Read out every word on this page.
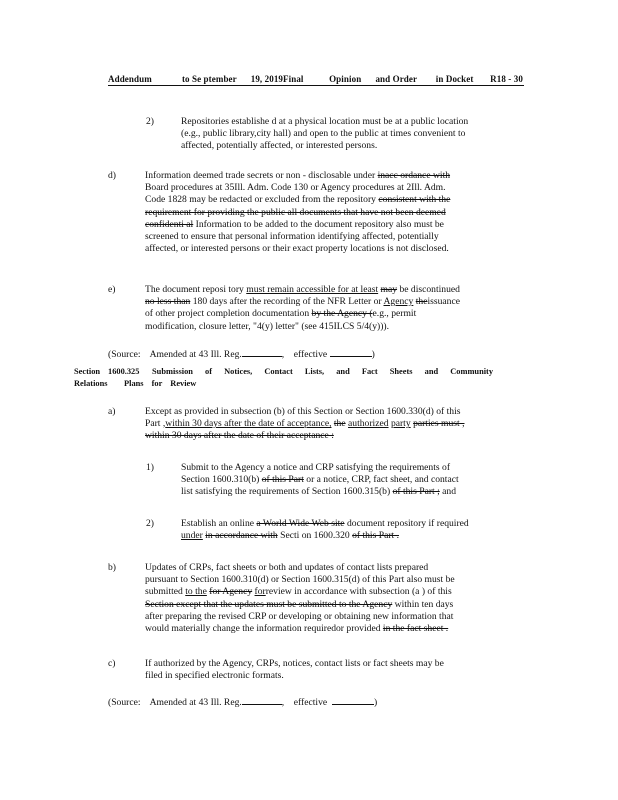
Addendum	to Se ptember 19, 2019Final	Opinion and Order in Docket R18 - 30
2)	Repositories establishe d at a physical location must be at a public location
(e.g., public library,city hall) and open to the public at times convenient to
affected, potentially affected, or interested persons.
d)	Information deemed trade secrets or non - disclosable under inacc ordance with
Board procedures at 35Ill. Adm. Code 130 or Agency procedures at 2Ill. Adm.
Code 1828 may be redacted or excluded from the repository consistent with the
requirement for providing the public all documents that have not been deemed
confidenti al Information to be added to the document repository also must be
screened to ensure that personal information identifying affected, potentially
affected, or interested persons or their exact property locations is not disclosed.
e)	The document reposi tory must remain accessible for at least may be discontinued
no less than 180 days after the recording of the NFR Letter or Agency theissuance
of other project completion documentation by the Agency (e.g., permit
modification, closure letter, "4(y) letter" (see 415ILCS 5/4(y))).
(Source: Amended at 43 Ill. Reg.	,    effective	)
Section 1600.325 Submission of Notices, Contact Lists, and Fact Sheets and Community
Relations Plans for Review
a)	Except as provided in subsection (b) of this Section or Section 1600.330(d) of this
Part ,within 30 days after the date of acceptance, the authorized party parties must ,
within 30 days after the date of their acceptance :
1)	Submit to the Agency a notice and CRP satisfying the requirements of
Section 1600.310(b) of this Part or a notice, CRP, fact sheet, and contact
list satisfying the requirements of Section 1600.315(b) of this Part ; and
2)	Establish an online a World Wide Web site document repository if required
under in accordance with Secti on 1600.320 of this Part .
b)	Updates of CRPs, fact sheets or both and updates of contact lists prepared
pursuant to Section 1600.310(d) or Section 1600.315(d) of this Part also must be
submitted to the for Agency forreview in accordance with subsection (a ) of this
Section except that the updates must be submitted to the Agency within ten days
after preparing the revised CRP or developing or obtaining new information that
would materially change the information requiredor provided in the fact sheet .
c)	If authorized by the Agency, CRPs, notices, contact lists or fact sheets may be
filed in specified electronic formats.
(Source: Amended at 43 Ill. Reg.	,    effective	)
